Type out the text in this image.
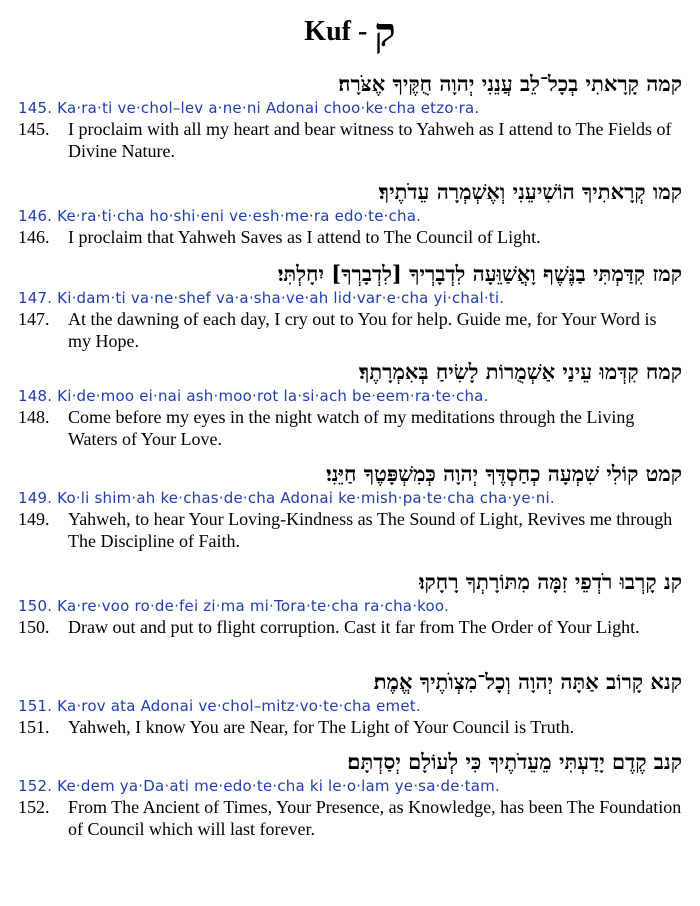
Kuf - ק
קמה קָרָאתִי בְכָל־לֵב עֲנֵנִי יְהוָה חֻקֶּיךָ אֶצֹּרָה׃
145. Ka·ra·ti ve·chol–lev a·ne·ni Adonai choo·ke·cha etzo·ra.
145. I proclaim with all my heart and bear witness to Yahweh as I attend to The Fields of Divine Nature.
קמו קְרָאתִיךָ הוֹשִׁיעֵנִי וְאֶשְׁמְרָה עֵדֹתֶיךָ׃
146. Ke·ra·ti·cha ho·shi·eni ve·esh·me·ra edo·te·cha.
146. I proclaim that Yahweh Saves as I attend to The Council of Light.
קמז קִדַּמְתִּי בַנֶּשֶׁף וָאֲשַׁוֵּעָה לִדְבָרְיךָ [לִדְבָרְךָ] יִחָלְתִּי׃
147. Ki·dam·ti va·ne·shef va·a·sha·ve·ah lid·var·e·cha yi·chal·ti.
147. At the dawning of each day, I cry out to You for help. Guide me, for Your Word is my Hope.
קמח קִדְּמוּ עֵינַי אַשְׁמֻרוֹת לָשִׂיחַ בְּאִמְרָתֶךָ׃
148. Ki·de·moo ei·nai ash·moo·rot la·si·ach be·eem·ra·te·cha.
148. Come before my eyes in the night watch of my meditations through the Living Waters of Your Love.
קמט קוֹלִי שִׁמְעָה כְחַסְדֶּךָ יְהוָה כְּמִשְׁפָּטֶךָ חַיֵּנִי׃
149. Ko·li shim·ah ke·chas·de·cha Adonai ke·mish·pa·te·cha cha·ye·ni.
149. Yahweh, to hear Your Loving-Kindness as The Sound of Light, Revives me through The Discipline of Faith.
קנ קָרְבוּ רֹדְפֵי זִמָּה מִתּוֹרָתְךָ רָחָקוּ׃
150. Ka·re·voo ro·de·fei zi·ma mi·Tora·te·cha ra·cha·koo.
150. Draw out and put to flight corruption. Cast it far from The Order of Your Light.
קנא קָרוֹב אַתָּה יְהוָה וְכָל־מִצְוֺתֶיךָ אֱמֶת׃
151. Ka·rov ata Adonai ve·chol–mitz·vo·te·cha emet.
151. Yahweh, I know You are Near, for The Light of Your Council is Truth.
קנב קֶדֶם יָדַעְתִּי מֵעֵדֹתֶיךָ כִּי לְעוֹלָם יְסַדְתָּם׃
152. Ke·dem ya·Da·ati me·edo·te·cha ki le·o·lam ye·sa·de·tam.
152. From The Ancient of Times, Your Presence, as Knowledge, has been The Foundation of Council which will last forever.
